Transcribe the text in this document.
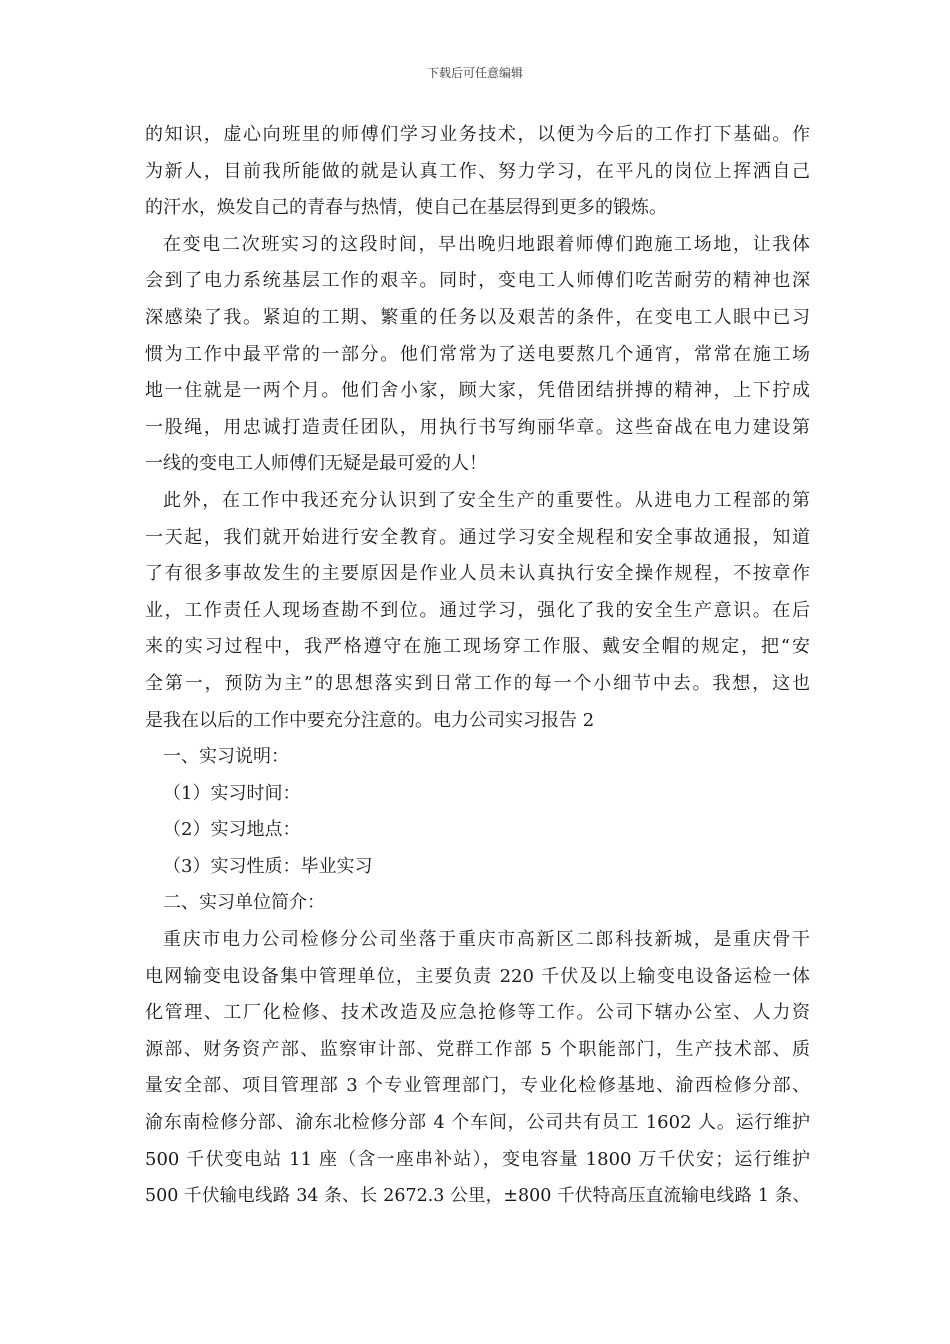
下载后可任意编辑
的知识，虚心向班里的师傅们学习业务技术，以便为今后的工作打下基础。作
为新人，目前我所能做的就是认真工作、努力学习，在平凡的岗位上挥洒自己
的汗水，焕发自己的青春与热情，使自己在基层得到更多的锻炼。
在变电二次班实习的这段时间，早出晚归地跟着师傅们跑施工场地，让我体
会到了电力系统基层工作的艰辛。同时，变电工人师傅们吃苦耐劳的精神也深
深感染了我。紧迫的工期、繁重的任务以及艰苦的条件，在变电工人眼中已习
惯为工作中最平常的一部分。他们常常为了送电要熬几个通宵，常常在施工场
地一住就是一两个月。他们舍小家，顾大家，凭借团结拼搏的精神，上下拧成
一股绳，用忠诚打造责任团队，用执行书写绚丽华章。这些奋战在电力建设第
一线的变电工人师傅们无疑是最可爱的人！
此外，在工作中我还充分认识到了安全生产的重要性。从进电力工程部的第
一天起，我们就开始进行安全教育。通过学习安全规程和安全事故通报，知道
了有很多事故发生的主要原因是作业人员未认真执行安全操作规程，不按章作
业，工作责任人现场查勘不到位。通过学习，强化了我的安全生产意识。在后
来的实习过程中，我严格遵守在施工现场穿工作服、戴安全帽的规定，把“安
全第一，预防为主”的思想落实到日常工作的每一个小细节中去。我想，这也
是我在以后的工作中要充分注意的。电力公司实习报告 2
一、实习说明：
（1）实习时间：
（2）实习地点：
（3）实习性质：毕业实习
二、实习单位简介：
重庆市电力公司检修分公司坐落于重庆市高新区二郎科技新城，是重庆骨干
电网输变电设备集中管理单位，主要负责 220 千伏及以上输变电设备运检一体
化管理、工厂化检修、技术改造及应急抢修等工作。公司下辖办公室、人力资
源部、财务资产部、监察审计部、党群工作部 5 个职能部门，生产技术部、质
量安全部、项目管理部 3 个专业管理部门，专业化检修基地、渝西检修分部、
渝东南检修分部、渝东北检修分部 4 个车间，公司共有员工 1602 人。运行维护
500 千伏变电站 11 座（含一座串补站），变电容量 1800 万千伏安；运行维护
500 千伏输电线路 34 条、长 2672.3 公里，±800 千伏特高压直流输电线路 1 条、
